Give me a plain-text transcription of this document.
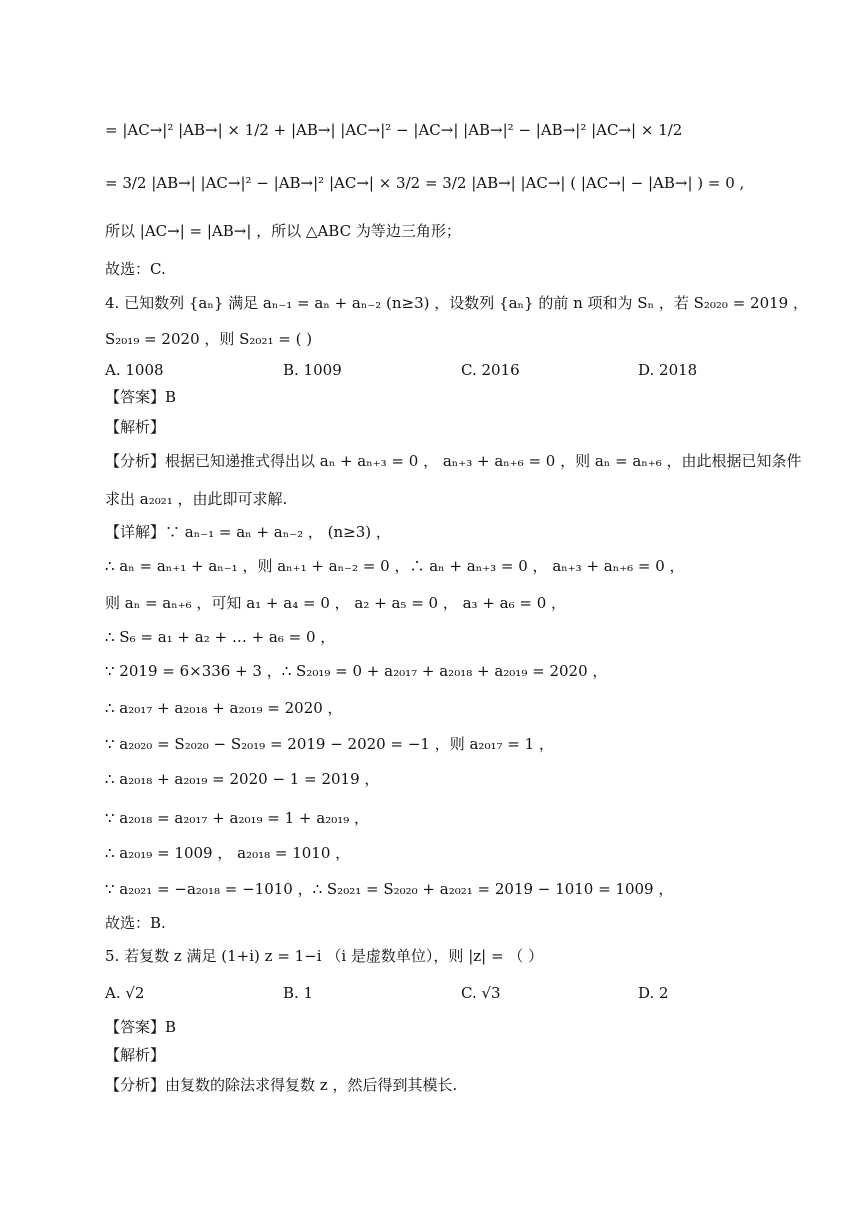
= |AC→|² |AB→| × 1/2 + |AB→| |AC→|² − |AC→| |AB→|² − |AB→|² |AC→| × 1/2
= 3/2 |AB→| |AC→|² − |AB→|² |AC→| × 3/2 = 3/2 |AB→| |AC→| ( |AC→| − |AB→| ) = 0 ,
所以 |AC→| = |AB→| ，所以 △ABC 为等边三角形；
故选：C.
4. 已知数列 {aₙ} 满足 aₙ₋₁ = aₙ + aₙ₋₂ (n≥3) ，设数列 {aₙ} 的前 n 项和为 Sₙ ，若 S₂₀₂₀ = 2019 ，
S₂₀₁₉ = 2020 ，则 S₂₀₂₁ = ( )
A. 1008	B. 1009	C. 2016	D. 2018
【答案】B
【解析】
【分析】根据已知递推式得出以 aₙ + aₙ₊₃ = 0 ， aₙ₊₃ + aₙ₊₆ = 0 ，则 aₙ = aₙ₊₆ ，由此根据已知条件
求出 a₂₀₂₁ ，由此即可求解.
【详解】∵ aₙ₋₁ = aₙ + aₙ₋₂ ， (n≥3) ，
∴ aₙ = aₙ₊₁ + aₙ₋₁ ，则 aₙ₊₁ + aₙ₋₂ = 0 ，∴ aₙ + aₙ₊₃ = 0 ， aₙ₊₃ + aₙ₊₆ = 0 ，
则 aₙ = aₙ₊₆ ，可知 a₁ + a₄ = 0 ， a₂ + a₅ = 0 ， a₃ + a₆ = 0 ，
∴ S₆ = a₁ + a₂ + … + a₆ = 0 ，
∵ 2019 = 6×336 + 3 ，∴ S₂₀₁₉ = 0 + a₂₀₁₇ + a₂₀₁₈ + a₂₀₁₉ = 2020 ，
∴ a₂₀₁₇ + a₂₀₁₈ + a₂₀₁₉ = 2020 ，
∵ a₂₀₂₀ = S₂₀₂₀ − S₂₀₁₉ = 2019 − 2020 = −1 ，则 a₂₀₁₇ = 1 ，
∴ a₂₀₁₈ + a₂₀₁₉ = 2020 − 1 = 2019 ，
∵ a₂₀₁₈ = a₂₀₁₇ + a₂₀₁₉ = 1 + a₂₀₁₉ ，
∴ a₂₀₁₉ = 1009 ， a₂₀₁₈ = 1010 ，
∵ a₂₀₂₁ = −a₂₀₁₈ = −1010 ，∴ S₂₀₂₁ = S₂₀₂₀ + a₂₀₂₁ = 2019 − 1010 = 1009 ，
故选：B.
5. 若复数 z 满足 (1+i) z = 1−i （i 是虚数单位），则 |z| = （ ）
A. √2	B. 1	C. √3	D. 2
【答案】B
【解析】
【分析】由复数的除法求得复数 z ，然后得到其模长.
